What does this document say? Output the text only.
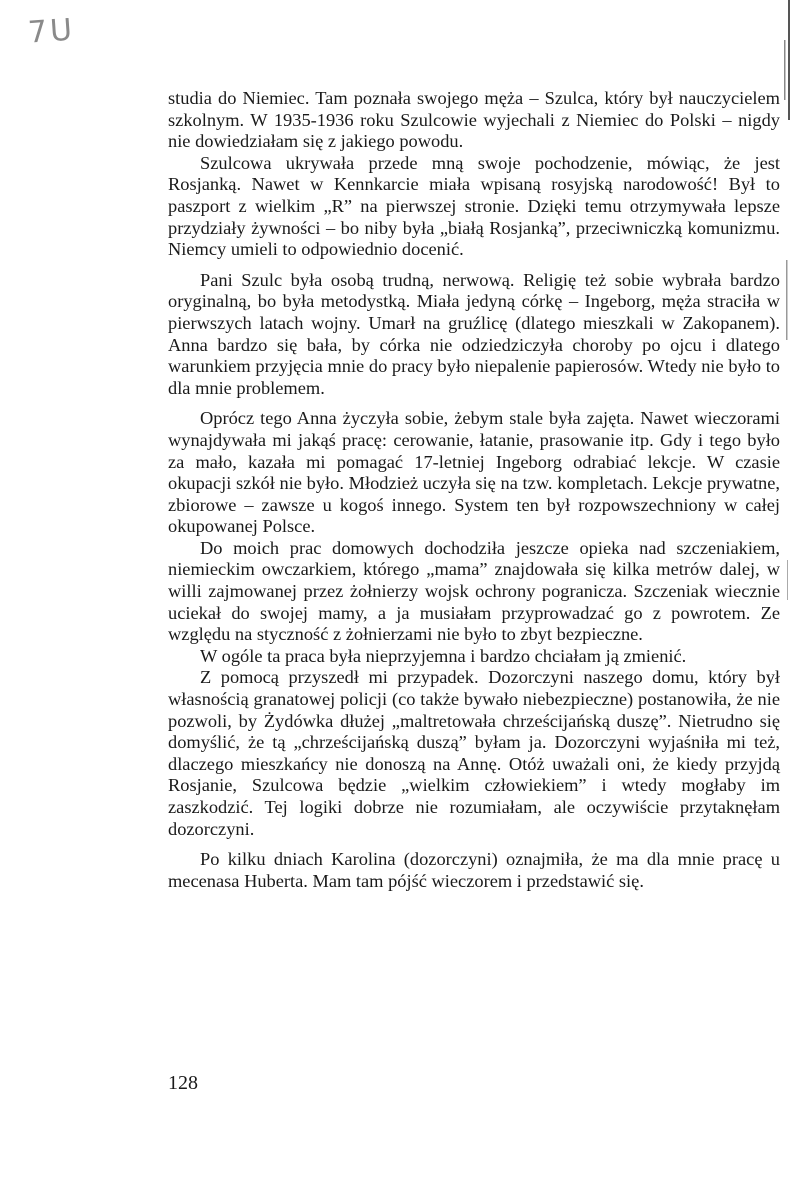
7U

studia do Niemiec. Tam poznała swojego męża – Szulca, który był nauczycielem szkolnym. W 1935-1936 roku Szulcowie wyjechali z Niemiec do Polski – nigdy nie dowiedziałam się z jakiego powodu.

Szulcowa ukrywała przede mną swoje pochodzenie, mówiąc, że jest Rosjanką. Nawet w Kennkarcie miała wpisaną rosyjską narodowość! Był to paszport z wielkim „R” na pierwszej stronie. Dzięki temu otrzymywała lepsze przydziały żywności – bo niby była „białą Rosjanką”, przeciwniczką komunizmu. Niemcy umieli to odpowiednio docenić.

Pani Szulc była osobą trudną, nerwową. Religię też sobie wybrała bardzo oryginalną, bo była metodystką. Miała jedyną córkę – Ingeborg, męża straciła w pierwszych latach wojny. Umarł na gruźlicę (dlatego mieszkali w Zakopanem). Anna bardzo się bała, by córka nie odziedziczyła choroby po ojcu i dlatego warunkiem przyjęcia mnie do pracy było niepalenie papierosów. Wtedy nie było to dla mnie problemem.

Oprócz tego Anna życzyła sobie, żebym stale była zajęta. Nawet wieczorami wynajdywała mi jakąś pracę: cerowanie, łatanie, prasowanie itp. Gdy i tego było za mało, kazała mi pomagać 17-letniej Ingeborg odrabiać lekcje. W czasie okupacji szkół nie było. Młodzież uczyła się na tzw. kompletach. Lekcje prywatne, zbiorowe – zawsze u kogoś innego. System ten był rozpowszechniony w całej okupowanej Polsce.

Do moich prac domowych dochodziła jeszcze opieka nad szczeniakiem, niemieckim owczarkiem, którego „mama” znajdowała się kilka metrów dalej, w willi zajmowanej przez żołnierzy wojsk ochrony pogranicza. Szczeniak wiecznie uciekał do swojej mamy, a ja musiałam przyprowadzać go z powrotem. Ze względu na styczność z żołnierzami nie było to zbyt bezpieczne.

W ogóle ta praca była nieprzyjemna i bardzo chciałam ją zmienić.

Z pomocą przyszedł mi przypadek. Dozorczyni naszego domu, który był własnością granatowej policji (co także bywało niebezpieczne) postanowiła, że nie pozwoli, by Żydówka dłużej „maltretowała chrześcijańską duszę”. Nietrudno się domyślić, że tą „chrześcijańską duszą” byłam ja. Dozorczyni wyjaśniła mi też, dlaczego mieszkańcy nie donoszą na Annę. Otóż uważali oni, że kiedy przyjdą Rosjanie, Szulcowa będzie „wielkim człowiekiem” i wtedy mogłaby im zaszkodzić. Tej logiki dobrze nie rozumiałam, ale oczywiście przytaknęłam dozorczyni.

Po kilku dniach Karolina (dozorczyni) oznajmiła, że ma dla mnie pracę u mecenasa Huberta. Mam tam pójść wieczorem i przedstawić się.

128
